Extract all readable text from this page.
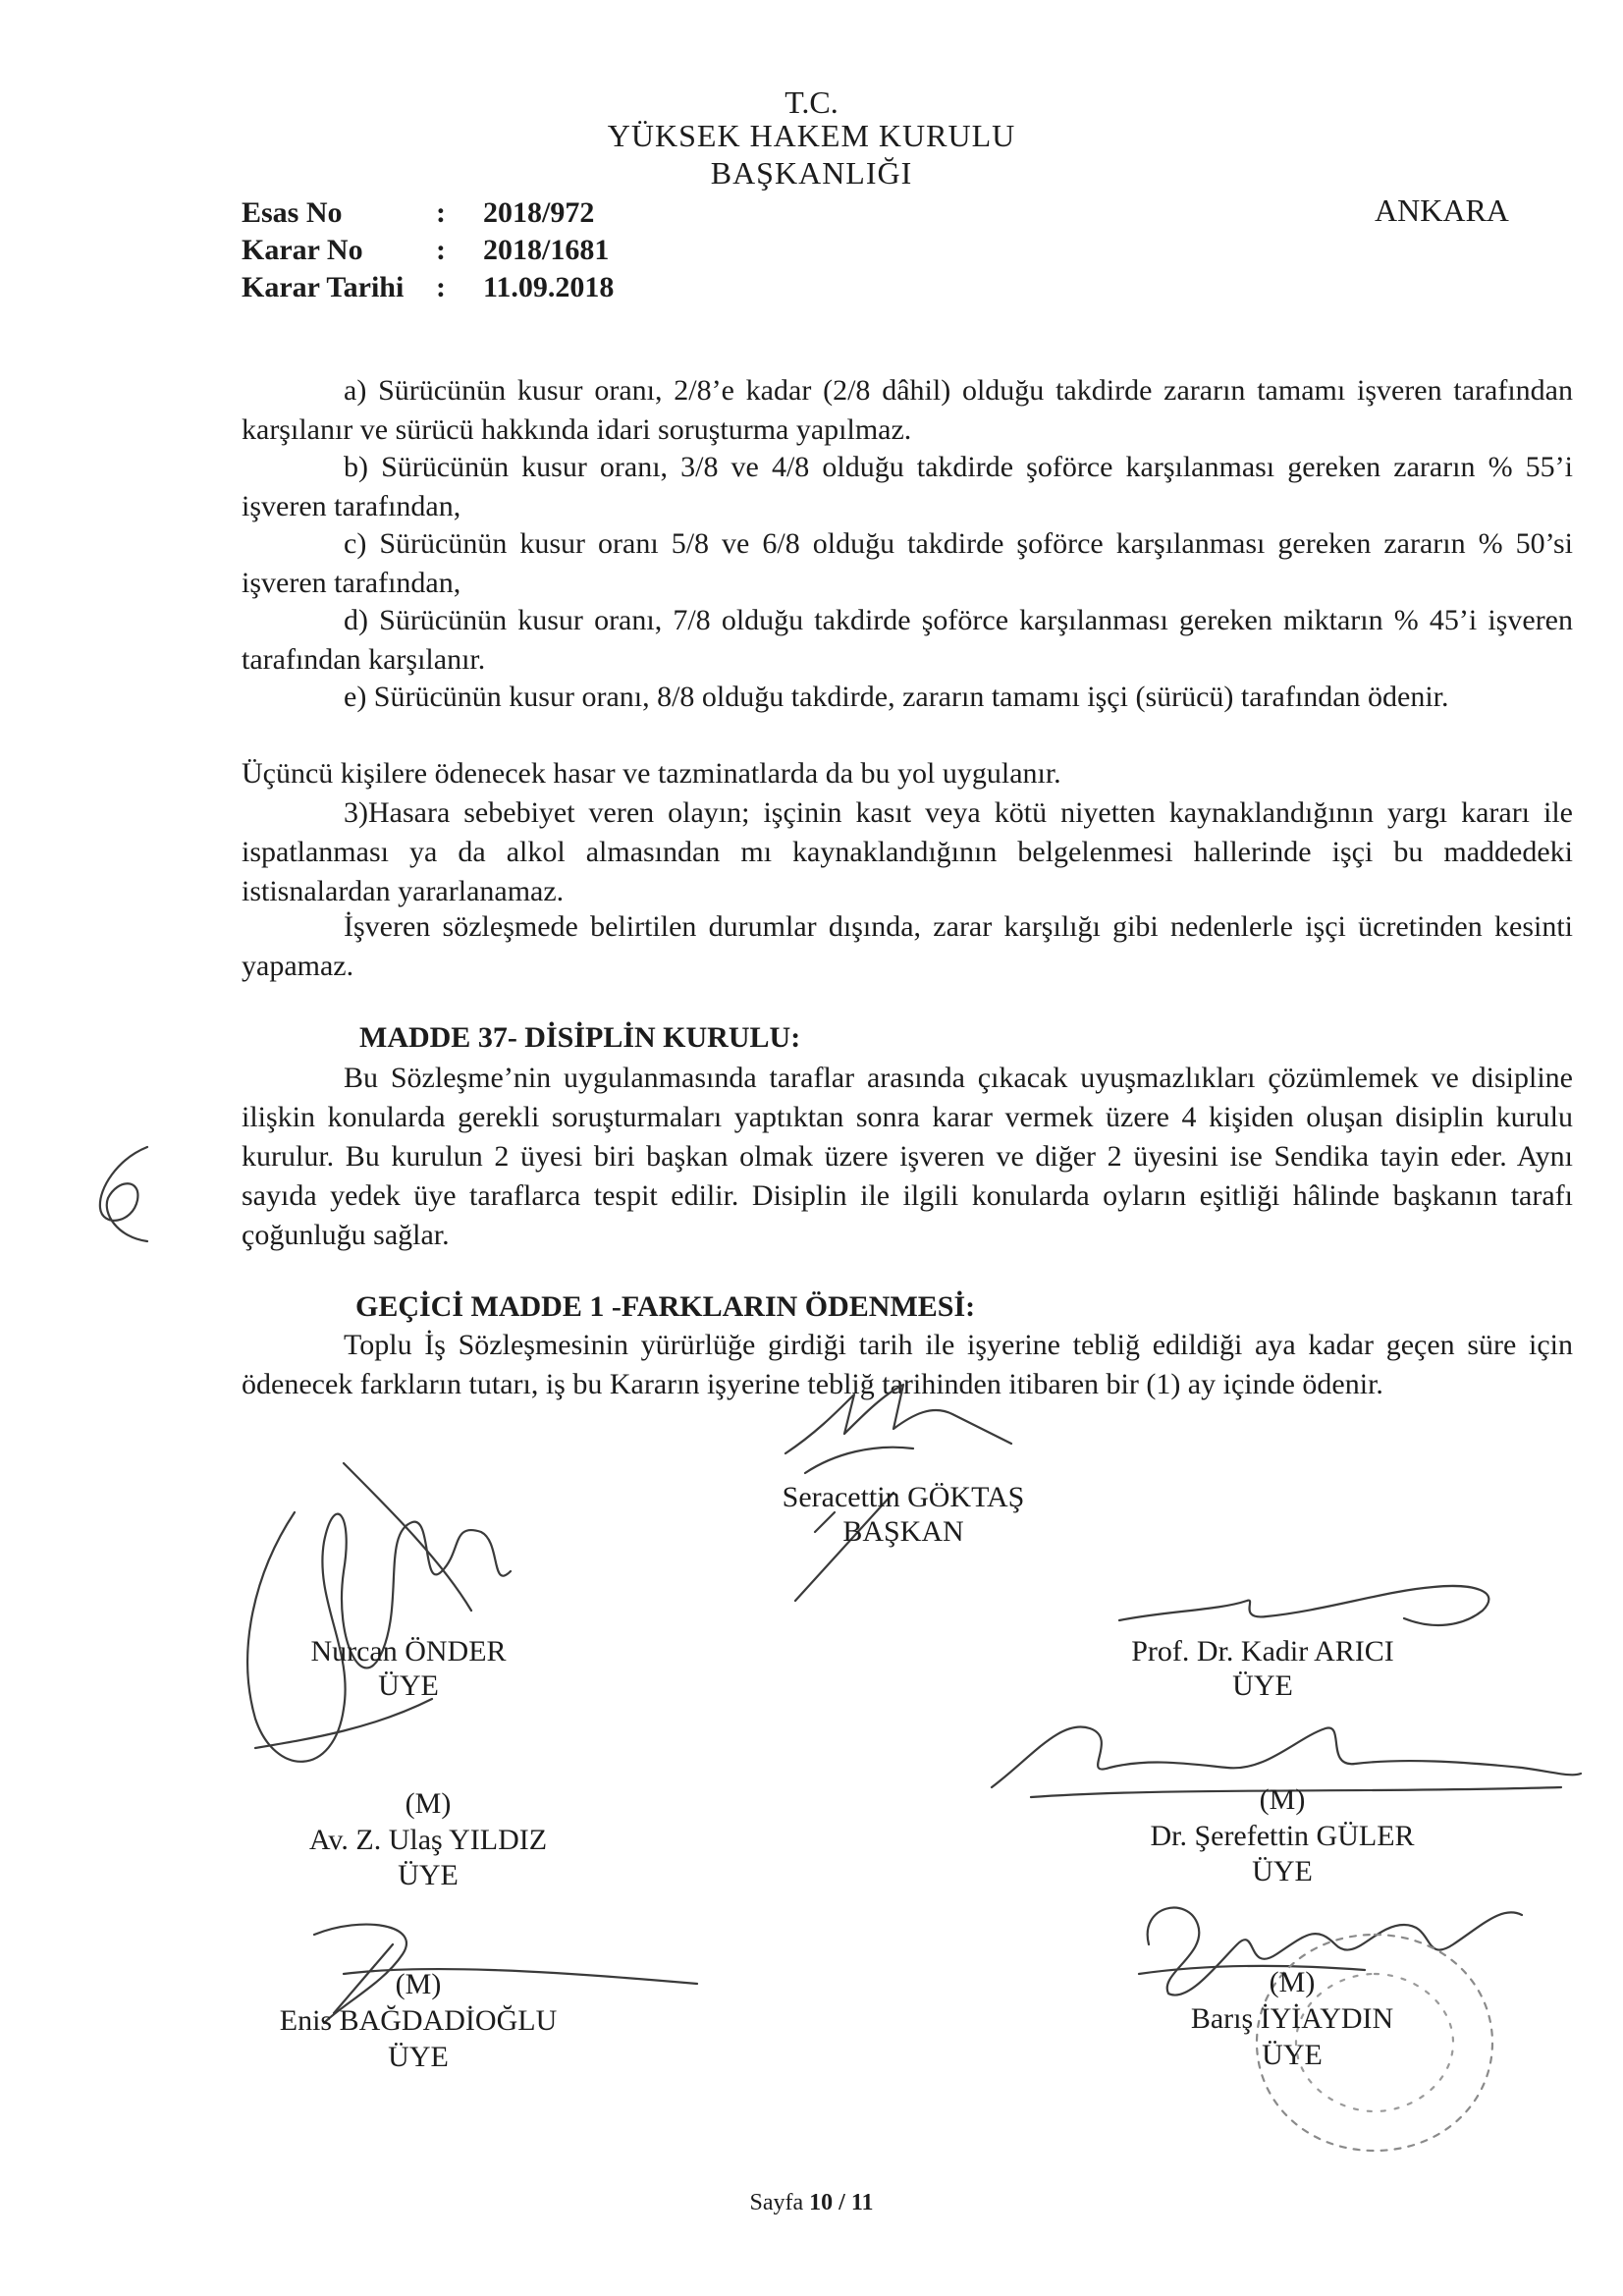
T.C.
YÜKSEK HAKEM KURULU
BAŞKANLIĞI
ANKARA
Esas No	: 2018/972
Karar No : 2018/1681
Karar Tarihi : 11.09.2018
a) Sürücünün kusur oranı, 2/8’e kadar (2/8 dâhil) olduğu takdirde zararın tamamı işveren tarafından karşılanır ve sürücü hakkında idari soruşturma yapılmaz.
b) Sürücünün kusur oranı, 3/8 ve 4/8 olduğu takdirde şoförce karşılanması gereken zararın % 55’i işveren tarafından,
c) Sürücünün kusur oranı 5/8 ve 6/8 olduğu takdirde şoförce karşılanması gereken zararın % 50’si işveren tarafından,
d) Sürücünün kusur oranı, 7/8 olduğu takdirde şoförce karşılanması gereken miktarın % 45’i işveren tarafından karşılanır.
e) Sürücünün kusur oranı, 8/8 olduğu takdirde, zararın tamamı işçi (sürücü) tarafından ödenir.
Üçüncü kişilere ödenecek hasar ve tazminatlarda da bu yol uygulanır.
3)Hasara sebebiyet veren olayın; işçinin kasıt veya kötü niyetten kaynaklandığının yargı kararı ile ispatlanması ya da alkol almasından mı kaynaklandığının belgelenmesi hallerinde işçi bu maddedeki istisnalardan yararlanamaz.
İşveren sözleşmede belirtilen durumlar dışında, zarar karşılığı gibi nedenlerle işçi ücretinden kesinti yapamaz.
MADDE 37- DİSİPLİN KURULU:
Bu Sözleşme’nin uygulanmasında taraflar arasında çıkacak uyuşmazlıkları çözümlemek ve disipline ilişkin konularda gerekli soruşturmaları yaptıktan sonra karar vermek üzere 4 kişiden oluşan disiplin kurulu kurulur. Bu kurulun 2 üyesi biri başkan olmak üzere işveren ve diğer 2 üyesini ise Sendika tayin eder. Aynı sayıda yedek üye taraflarca tespit edilir. Disiplin ile ilgili konularda oyların eşitliği hâlinde başkanın tarafı çoğunluğu sağlar.
GEÇİCİ MADDE 1 -FARKLARIN ÖDENMESİ:
Toplu İş Sözleşmesinin yürürlüğe girdiği tarih ile işyerine tebliğ edildiği aya kadar geçen süre için ödenecek farkların tutarı, iş bu Kararın işyerine tebliğ tarihinden itibaren bir (1) ay içinde ödenir.
Seracettin GÖKTAŞ
BAŞKAN
Nurcan ÖNDER
ÜYE
Prof. Dr. Kadir ARICI
ÜYE
(M)
Av. Z. Ulaş YILDIZ
ÜYE
(M)
Dr. Şerefettin GÜLER
ÜYE
(M)
Enis BAĞDADİOĞLU
ÜYE
(M)
Barış İYİAYDIN
ÜYE
Sayfa 10 / 11
